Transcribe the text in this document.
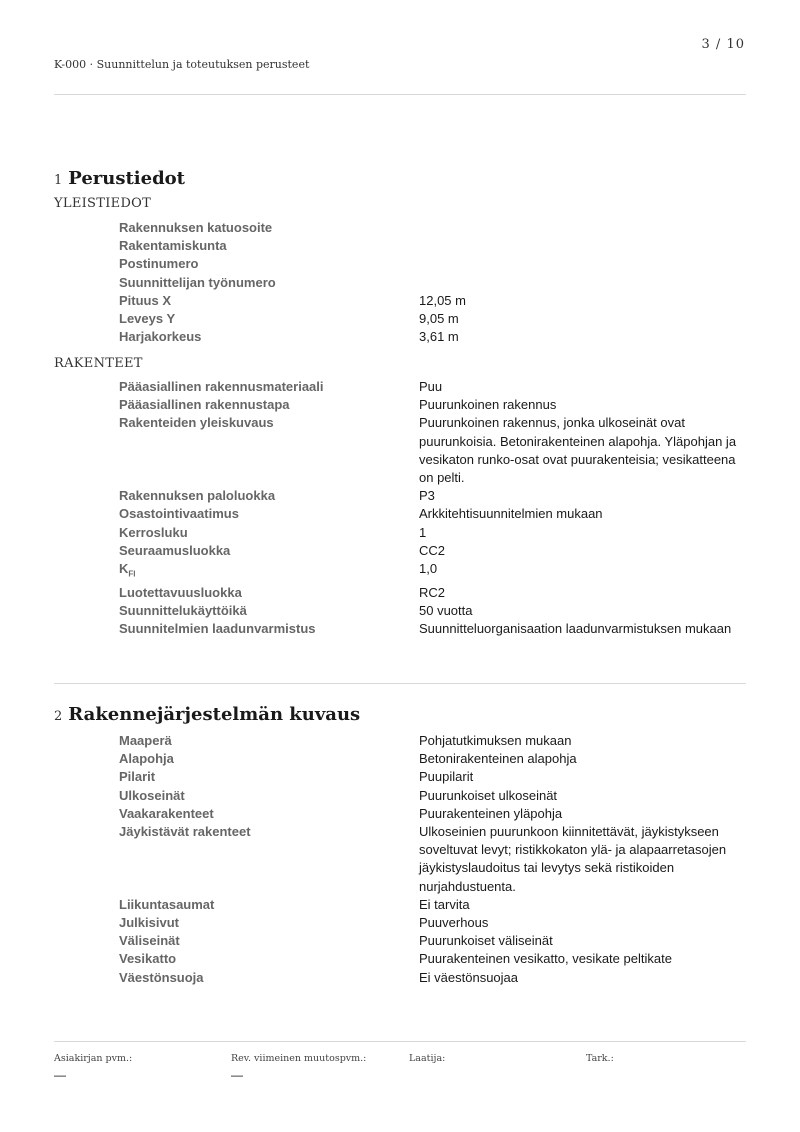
3 / 10
K-000 · Suunnittelun ja toteutuksen perusteet
1 Perustiedot
YLEISTIEDOT
Rakennuksen katuosoite
Rakentamiskunta
Postinumero
Suunnittelijan työnumero
Pituus X	12,05 m
Leveys Y	9,05 m
Harjakorkeus	3,61 m
RAKENTEET
Pääasiallinen rakennusmateriaali	Puu
Pääasiallinen rakennustapa	Puurunkoinen rakennus
Rakenteiden yleiskuvaus	Puurunkoinen rakennus, jonka ulkoseinät ovat puurunkoisia. Betonirakenteinen alapohja. Yläpohjan ja vesikaton runko-osat ovat puurakenteisia; vesikatteena on pelti.
Rakennuksen paloluokka	P3
Osastointivaatimus	Arkkitehtisuunnitelmien mukaan
Kerrosluku	1
Seuraamusluokka	CC2
$K_{FI}$	1,0
Luotettavuusluokka	RC2
Suunnittelukäyttöikä	50 vuotta
Suunnitelmien laadunvarmistus	Suunnitteluorganisaation laadunvarmistuksen mukaan
2 Rakennejärjestelmän kuvaus
Maaperä	Pohjatutkimuksen mukaan
Alapohja	Betonirakenteinen alapohja
Pilarit	Puupilarit
Ulkoseinät	Puurunkoiset ulkoseinät
Vaakarakenteet	Puurakenteinen yläpohja
Jäykistävät rakenteet	Ulkoseinien puurunkoon kiinnitettävät, jäykistykseen soveltuvat levyt; ristikkokaton ylä- ja alapaarretasojen jäykistyslaudoitus tai levytys sekä ristikoiden nurjahdustuenta.
Liikuntasaumat	Ei tarvita
Julkisivut	Puuverhous
Väliseinät	Puurunkoiset väliseinät
Vesikatto	Puurakenteinen vesikatto, vesikate peltikate
Väestönsuoja	Ei väestönsuojaa
Asiakirjan pvm.:
—
Rev. viimeinen muutospvm.:
—
Laatija:	Tark.:
